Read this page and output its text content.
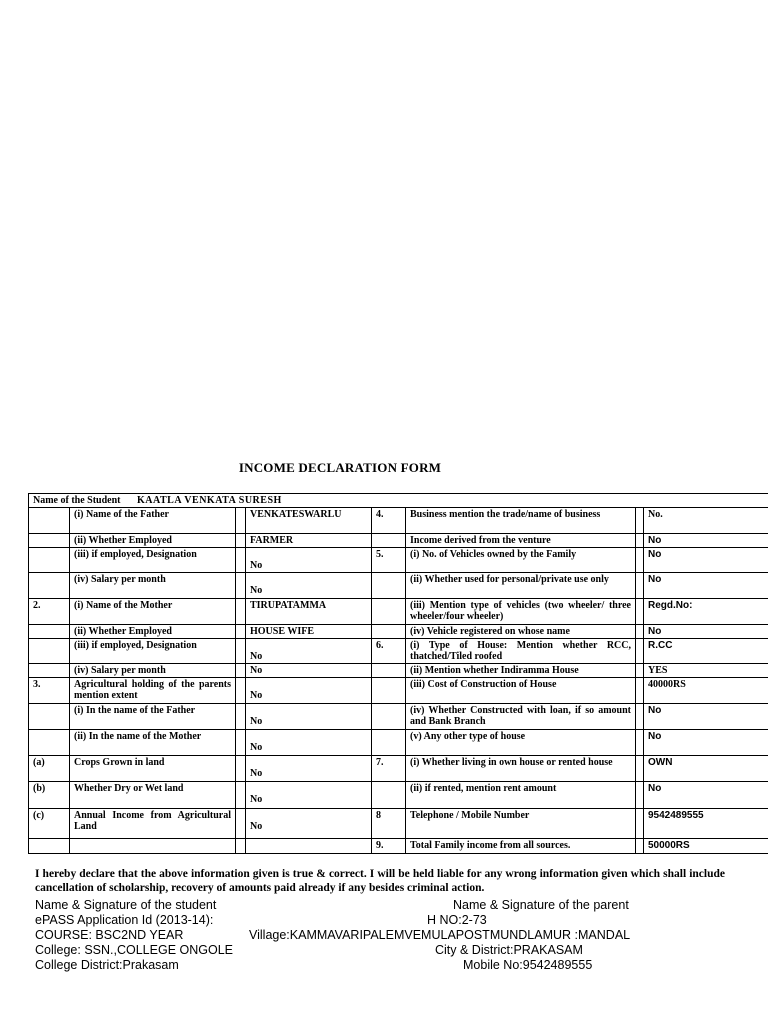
INCOME DECLARATION FORM
Name of the Student KAATLA VENKATA SURESH							
	(i) Name of the Father		VENKATESWARLU	4.	Business mention the trade/name of business		No.
	(ii) Whether Employed		FARMER		Income derived from the venture		No
	(iii) if employed, Designation		No	5.	(i) No. of Vehicles owned by the Family		No
	(iv) Salary per month		No		(ii) Whether used for personal/private use only		No
2.	(i) Name of the Mother		TIRUPATAMMA		(iii) Mention type of vehicles (two wheeler/ three wheeler/four wheeler)		Regd.No:
	(ii) Whether Employed		HOUSE WIFE		(iv) Vehicle registered on whose name		No
	(iii) if employed, Designation		No	6.	(i) Type of House: Mention whether RCC, thatched/Tiled roofed		R.CC
	(iv) Salary per month		No		(ii) Mention whether Indiramma House		YES
3.	Agricultural holding of the parents mention extent		No		(iii) Cost of Construction of House		40000RS
	(i) In the name of the Father		No		(iv) Whether Constructed with loan, if so amount and Bank Branch		No
	(ii) In the name of the Mother		No		(v) Any other type of house		No
(a)	Crops Grown in land		No	7.	(i) Whether living in own house or rented house		OWN
(b)	Whether Dry or Wet land		No		(ii) if rented, mention rent amount		No
(c)	Annual Income from Agricultural Land		No	8	Telephone / Mobile Number		9542489555
				9.	Total Family income from all sources.		50000RS
I hereby declare that the above information given is true & correct. I will be held liable for any wrong information given which shall include cancellation of scholarship, recovery of amounts paid already if any besides criminal action.
Name & Signature of the student	Name & Signature of the parent
ePASS Application Id (2013-14):	H NO:2-73
COURSE: BSC2ND YEAR	Village:KAMMAVARIPALEMVEMULAPOSTMUNDLAMUR :MANDAL
College: SSN.,COLLEGE ONGOLE	City & District:PRAKASAM
College District:Prakasam	Mobile No:9542489555
